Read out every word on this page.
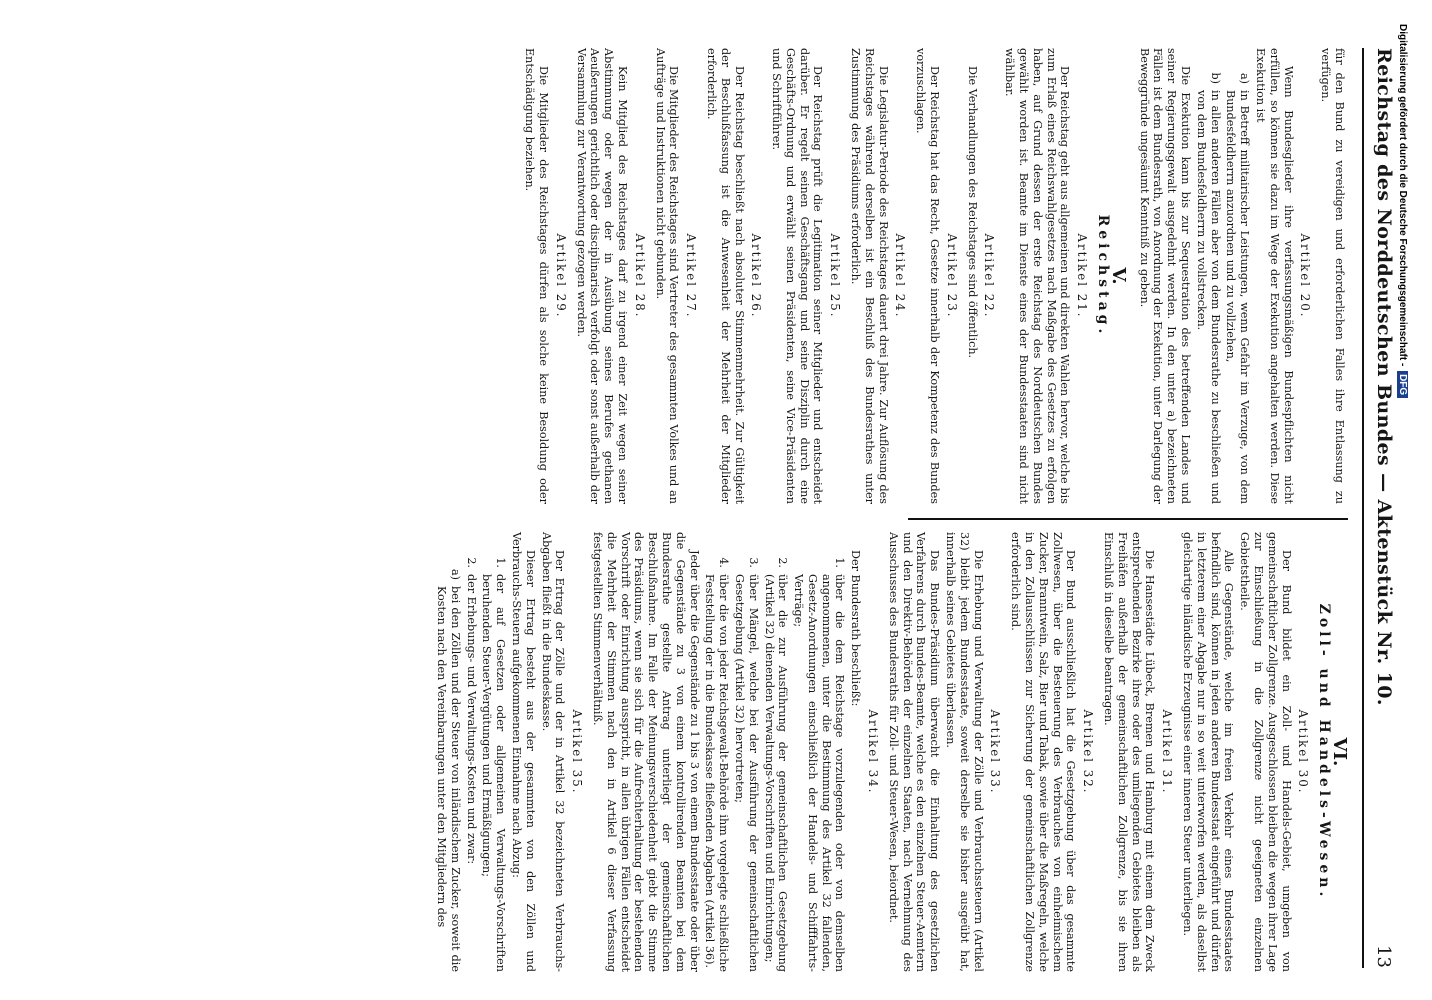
Reichstag des Norddeutschen Bundes — Aktenstück Nr. 10.
13

für den Bund zu vereidigen und erforderlichen Falles ihre Entlassung zu verfügen.

Artikel 20.

Wenn Bundesglieder ihre verfassungsmäßigen Bundespflichten nicht erfüllen, so können sie dazu im Wege der Exekution angehalten werden. Diese Exekution ist

a)
in Betreff militairischer Leistungen, wenn Gefahr im Verzuge, von dem Bundesfeldherrn anzuordnen und zu vollziehen,
b)
in allen anderen Fällen aber von dem Bundesrathe zu beschließen und von dem Bundesfeldherrn zu vollstrecken.

Die Exekution kann bis zur Sequestration des betreffenden Landes und seiner Regierungsgewalt ausgedehnt werden. In den unter a) bezeichneten Fällen ist dem Bundesrath, von Anordnung der Exekution, unter Darlegung der Beweggründe ungesäumt Kenntniß zu geben.

V.
Reichstag.
Artikel 21.

Der Reichstag geht aus allgemeinen und direkten Wahlen hervor, welche bis zum Erlaß eines Reichswahlgesetzes nach Maßgabe des Gesetzes zu erfolgen haben, auf Grund dessen der erste Reichstag des Norddeutschen Bundes gewählt worden ist. Beamte im Dienste eines der Bundesstaaten sind nicht wählbar.

Artikel 22.

Die Verhandlungen des Reichstages sind öffentlich.

Artikel 23.

Der Reichstag hat das Recht, Gesetze innerhalb der Kompetenz des Bundes vorzuschlagen.

Artikel 24.

Die Legislatur-Periode des Reichstages dauert drei Jahre. Zur Auflösung des Reichstages während derselben ist ein Beschluß des Bundesrathes unter Zustimmung des Präsidiums erforderlich.

Artikel 25.

Der Reichstag prüft die Legitimation seiner Mitglieder und entscheidet darüber. Er regelt seinen Geschäftsgang und seine Disziplin durch eine Geschäfts-Ordnung und erwählt seinen Präsidenten, seine Vice-Präsidenten und Schriftführer.

Artikel 26.

Der Reichstag beschließt nach absoluter Stimmenmehrheit. Zur Gültigkeit der Beschlußfassung ist die Anwesenheit der Mehrheit der Mitglieder erforderlich.

Artikel 27.

Die Mitglieder des Reichstages sind Vertreter des gesammten Volkes und an Aufträge und Instruktionen nicht gebunden.

Artikel 28.

Kein Mitglied des Reichstages darf zu irgend einer Zeit wegen seiner Abstimmung oder wegen der in Ausübung seines Berufes gethanen Aeußerungen gerichtlich oder disciplinarisch verfolgt oder sonst außerhalb der Versammlung zur Verantwortung gezogen werden.

Artikel 29.

Die Mitglieder des Reichstages dürfen als solche keine Besoldung oder Entschädigung beziehen.

VI.
Zoll- und Handels-Wesen.
Artikel 30.

Der Bund bildet ein Zoll- und Handels-Gebiet, umgeben von gemeinschaftlicher Zollgrenze. Ausgeschlossen bleiben die wegen ihrer Lage zur Einschließung in die Zollgrenze nicht geeigneten einzelnen Gebietstheile.

Alle Gegenstände, welche im freien Verkehr eines Bundesstaates befindlich sind, können in jeden anderen Bundesstaat eingeführt und dürfen in letzterem einer Abgabe nur in so weit unterworfen werden, als daselbst gleichartige inländische Erzeugnisse einer inneren Steuer unterliegen.

Artikel 31.

Die Hansestädte Lübeck, Bremen und Hamburg mit einem dem Zweck entsprechenden Bezirke ihres oder des umliegenden Gebietes bleiben als Freihäfen außerhalb der gemeinschaftlichen Zollgrenze, bis sie ihren Einschluß in dieselbe beantragen.

Artikel 32.

Der Bund ausschließlich hat die Gesetzgebung über das gesammte Zollwesen, über die Besteuerung des Verbrauches von einheimischem Zucker, Branntwein, Salz, Bier und Tabak, sowie über die Maßregeln, welche in den Zollausschlüssen zur Sicherung der gemeinschaftlichen Zollgrenze erforderlich sind.

Artikel 33.

Die Erhebung und Verwaltung der Zölle und Verbrauchssteuern (Artikel 32) bleibt jedem Bundesstaate, soweit derselbe sie bisher ausgeübt hat, innerhalb seines Gebietes überlassen.

Das Bundes-Präsidium überwacht die Einhaltung des gesetzlichen Verfahrens durch Bundes-Beamte, welche es den einzelnen Steuer-Aemtern und den Direktiv-Behörden der einzelnen Staaten, nach Vernehmung des Ausschusses des Bundesraths für Zoll- und Steuer-Wesen, beiordnet.

Artikel 34.

Der Bundesrath beschließt:

1.
über die dem Reichstage vorzulegenden oder von demselben angenommenen, unter die Bestimmung des Artikel 32 fallenden, Gesetz-Anordnungen einschließlich der Handels- und Schifffahrts-Verträge;
2.
über die zur Ausführung der gemeinschaftlichen Gesetzgebung (Artikel 32) dienenden Verwaltungs-Vorschriften und Einrichtungen;
3.
über Mängel, welche bei der Ausführung der gemeinschaftlichen Gesetzgebung (Artikel 32) hervortreten;
4.
über die von jeder Reichsgewalt-Behörde ihm vorgelegte schließliche Feststellung der in die Bundeskasse fließenden Abgaben (Artikel 36).

Jeder über die Gegenstände zu 1 bis 3 von einem Bundesstaate oder über die Gegenstände zu 3 von einem kontrollirenden Beamten bei dem Bundesrathe gestellte Antrag unterliegt der gemeinschaftlichen Beschlußnahme. Im Falle der Meinungsverschiedenheit giebt die Stimme des Präsidiums, wenn sie sich für die Aufrechterhaltung der bestehenden Vorschrift oder Einrichtung ausspricht, in allen übrigen Fällen entscheidet die Mehrheit der Stimmen nach den in Artikel 6 dieser Verfassung festgestellten Stimmenverhältniß.

Artikel 35.

Der Ertrag der Zölle und der in Artikel 32 bezeichneten Verbrauchs-Abgaben fließt in die Bundeskasse.

Dieser Ertrag besteht aus der gesammten von den Zöllen und Verbrauchs-Steuern aufgekommenen Einnahme nach Abzug:

1.
der auf Gesetzen oder allgemeinen Verwaltungs-Vorschriften beruhenden Steuer-Vergütungen und Ermäßigungen;
2.
der Erhebungs- und Verwaltungs-Kosten und zwar:
a)
bei den Zöllen und der Steuer von inländischem Zucker, soweit die Kosten nach den Vereinbarungen unter den Mitgliedern des
Digitalisierung gefördert durch die Deutsche Forschungsgemeinschaft - DFG
